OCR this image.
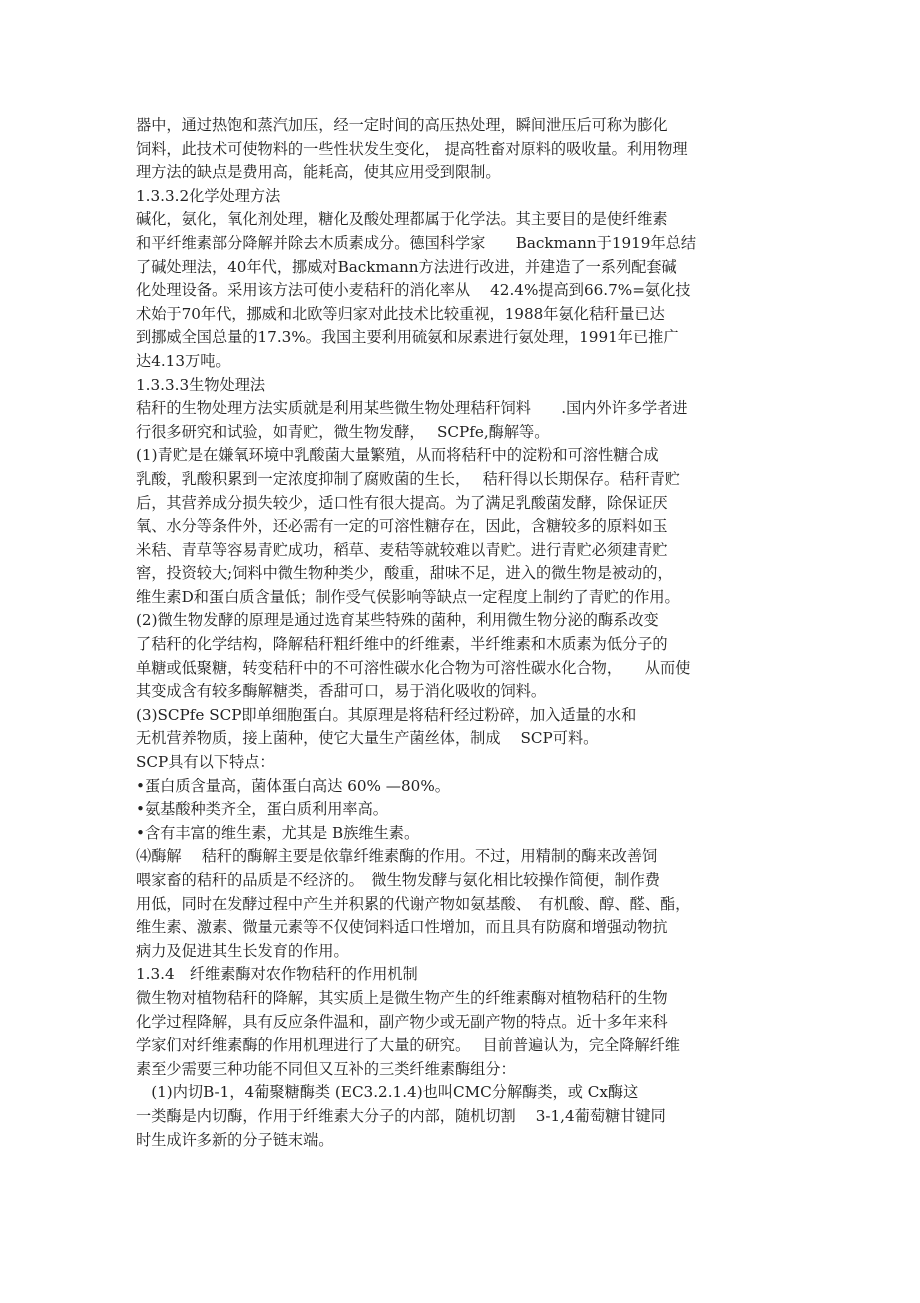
器中，通过热饱和蒸汽加压，经一定时间的高压热处理，瞬间泄压后可称为膨化
饲料，此技术可使物料的一些性状发生变化， 提高牲畜对原料的吸收量。利用物理
理方法的缺点是费用高，能耗高，使其应用受到限制。
1.3.3.2化学处理方法
碱化，氨化，氧化剂处理，糖化及酸处理都属于化学法。其主要目的是使纤维素
和平纤维素部分降解并除去木质素成分。德国科学家　　Backmann于1919年总结
了碱处理法，40年代，挪威对Backmann方法进行改进，并建造了一系列配套碱
化处理设备。采用该方法可使小麦秸秆的消化率从　 42.4%提高到66.7%=氨化技
术始于70年代，挪威和北欧等归家对此技术比较重视，1988年氨化秸秆量已达
到挪威全国总量的17.3%。我国主要利用硫氨和尿素进行氨处理，1991年已推广
达4.13万吨。
1.3.3.3生物处理法
秸秆的生物处理方法实质就是利用某些微生物处理秸秆饲料　　.国内外许多学者进
行很多研究和试验，如青贮，微生物发酵，　 SCPfe,酶解等。
(1)青贮是在嫌氧环境中乳酸菌大量繁殖，从而将秸秆中的淀粉和可溶性糖合成
乳酸，乳酸积累到一定浓度抑制了腐败菌的生长，　 秸秆得以长期保存。秸秆青贮
后，其营养成分损失较少，适口性有很大提高。为了满足乳酸菌发酵，除保证厌
氧、水分等条件外，还必需有一定的可溶性糖存在，因此，含糖较多的原料如玉
米秸、青草等容易青贮成功，稻草、麦秸等就较难以青贮。进行青贮必须建青贮
窖，投资较大;饲料中微生物种类少，酸重，甜味不足，进入的微生物是被动的，
维生素D和蛋白质含量低；制作受气侯影响等缺点一定程度上制约了青贮的作用。
(2)微生物发酵的原理是通过选育某些特殊的菌种，利用微生物分泌的酶系改变
了秸秆的化学结构，降解秸秆粗纤维中的纤维素，半纤维素和木质素为低分子的
单糖或低聚糖，转变秸秆中的不可溶性碳水化合物为可溶性碳水化合物，　　从而使
其变成含有较多酶解糖类，香甜可口，易于消化吸收的饲料。
(3)SCPfe SCP即单细胞蛋白。其原理是将秸秆经过粉碎，加入适量的水和
无机营养物质，接上菌种，使它大量生产菌丝体，制成　 SCP可料。
SCP具有以下特点：
•蛋白质含量高，菌体蛋白高达 60% —80%。
•氨基酸种类齐全，蛋白质利用率高。
•含有丰富的维生素，尤其是 B族维生素。
⑷酶解　 秸秆的酶解主要是依靠纤维素酶的作用。不过，用精制的酶来改善饲
喂家畜的秸秆的品质是不经济的。　微生物发酵与氨化相比较操作简便，制作费
用低，同时在发酵过程中产生并积累的代谢产物如氨基酸、　有机酸、醇、醛、酯，
维生素、激素、微量元素等不仅使饲料适口性增加，而且具有防腐和增强动物抗
病力及促进其生长发育的作用。
1.3.4　纤维素酶对农作物秸秆的作用机制
微生物对植物秸秆的降解，其实质上是微生物产生的纤维素酶对植物秸秆的生物
化学过程降解，具有反应条件温和，副产物少或无副产物的特点。近十多年来科
学家们对纤维素酶的作用机理进行了大量的研究。　 目前普遍认为，完全降解纤维
素至少需要三种功能不同但又互补的三类纤维素酶组分：
　(1)内切B-1，4葡聚糖酶类 (EC3.2.1.4)也叫CMC分解酶类，或 Cx酶这
一类酶是内切酶，作用于纤维素大分子的内部，随机切割　 3-1,4葡萄糖甘键同
时生成许多新的分子链末端。
